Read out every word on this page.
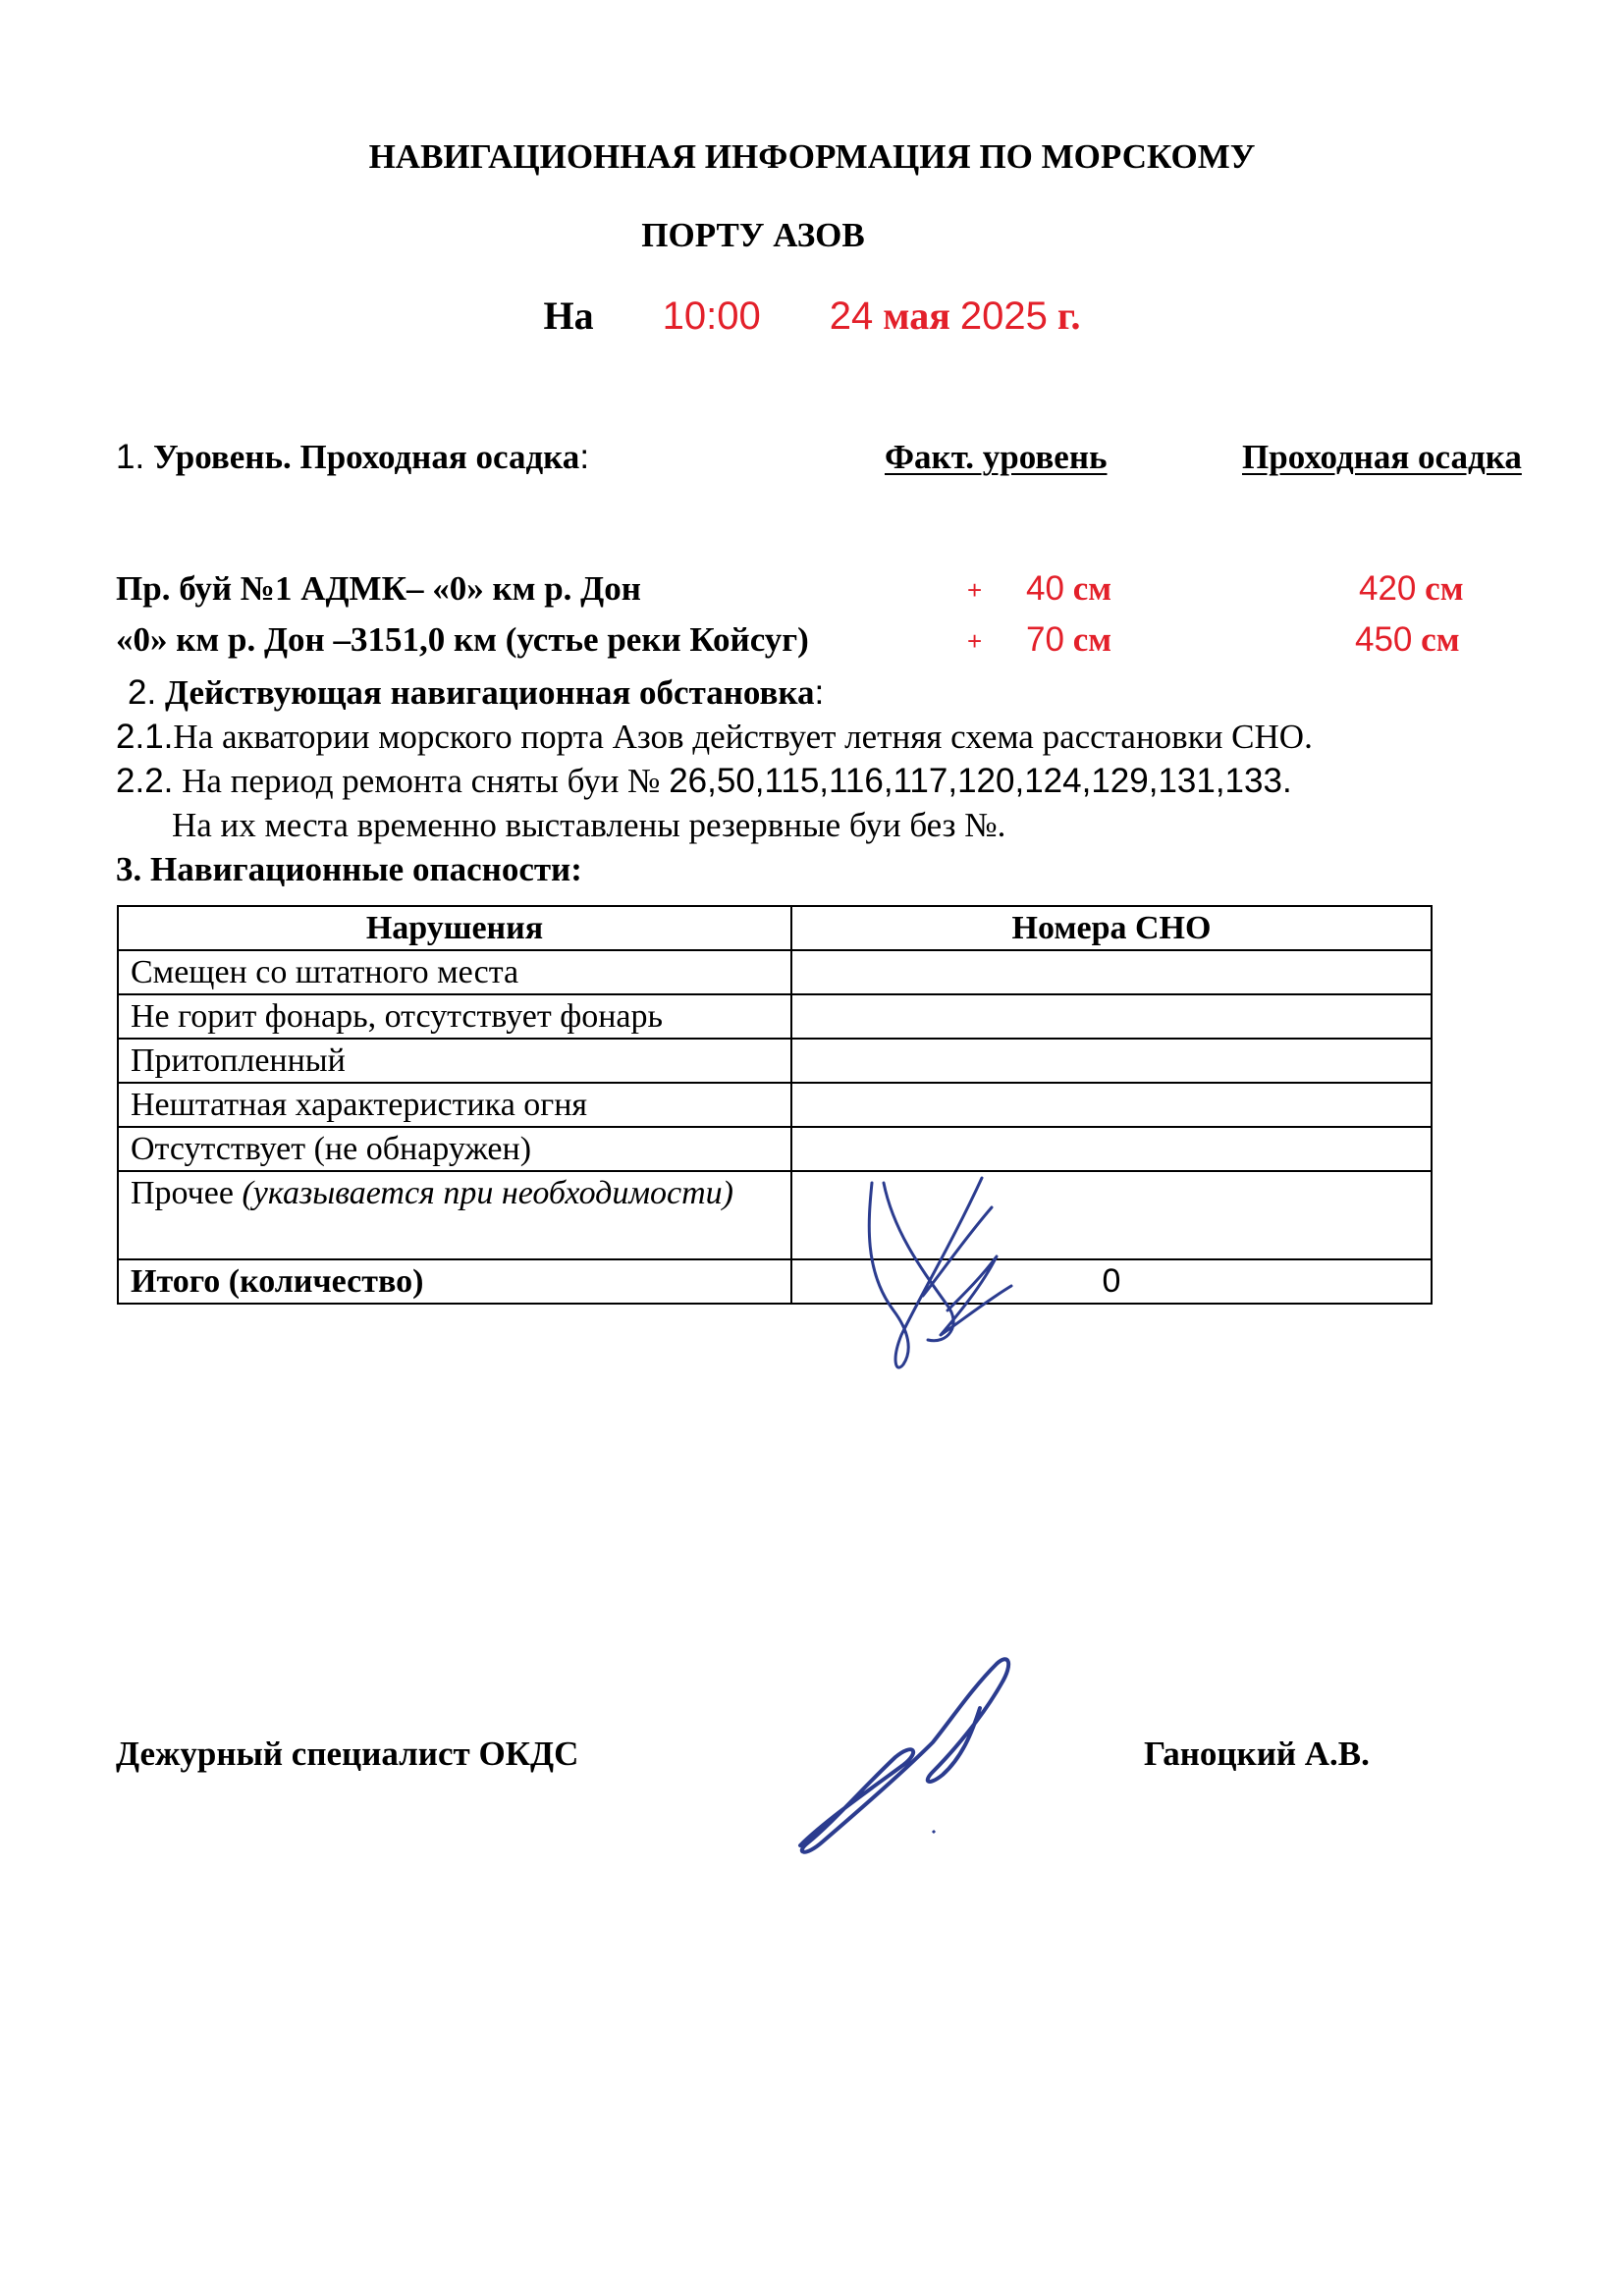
НАВИГАЦИОННАЯ ИНФОРМАЦИЯ ПО МОРСКОМУ
ПОРТУ АЗОВ
На 10:00 24 мая 2025 г.
1. Уровень. Проходная осадка:	Факт. уровень	Проходная осадка
Пр. буй №1 АДМК– «0» км р. Дон	+ 40 см	420 см
«0» км р. Дон –3151,0 км (устье реки Койсуг)	+ 70 см	450 см
2. Действующая навигационная обстановка:
2.1.На акватории морского порта Азов действует летняя схема расстановки СНО.
2.2. На период ремонта сняты буи № 26,50,115,116,117,120,124,129,131,133.
На их места временно выставлены резервные буи без №.
3. Навигационные опасности:
Нарушения	Номера СНО
Смещен со штатного места	
Не горит фонарь, отсутствует фонарь	
Притопленный	
Нештатная характеристика огня	
Отсутствует (не обнаружен)	
Прочее (указывается при необходимости)	
Итого (количество)	0
Дежурный специалист ОКДС	Ганоцкий А.В.
